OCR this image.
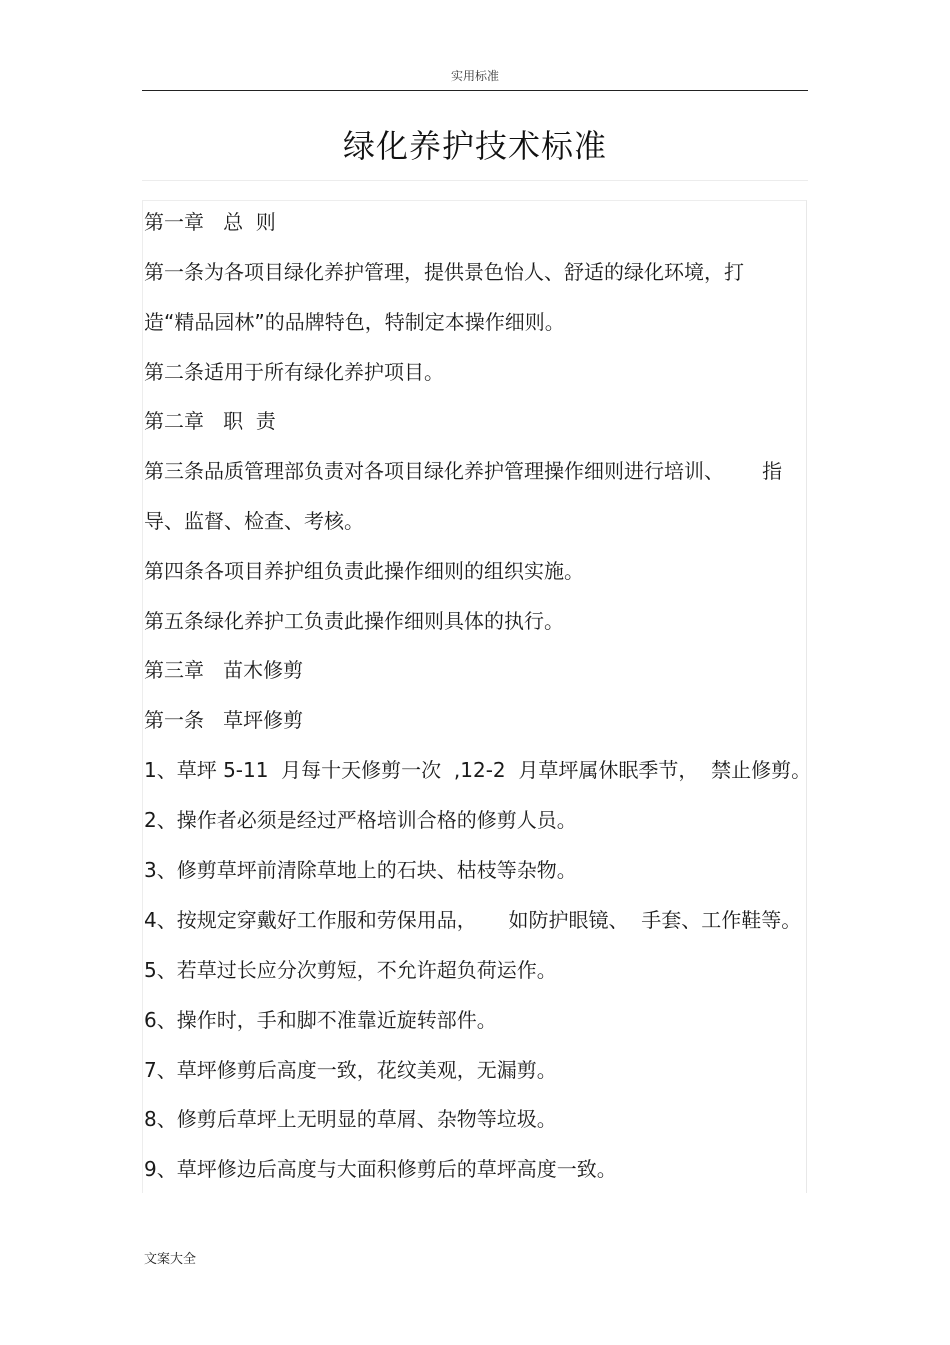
实用标准
绿化养护技术标准
第一章   总  则
第一条为各项目绿化养护管理，提供景色怡人、舒适的绿化环境，打
造“精品园林”的品牌特色，特制定本操作细则。
第二条适用于所有绿化养护项目。
第二章   职  责
第三条品质管理部负责对各项目绿化养护管理操作细则进行培训、      指
导、监督、检查、考核。
第四条各项目养护组负责此操作细则的组织实施。
第五条绿化养护工负责此操作细则具体的执行。
第三章   苗木修剪
第一条   草坪修剪
1、草坪 5-11  月每十天修剪一次  ,12-2  月草坪属休眠季节，  禁止修剪。
2、操作者必须是经过严格培训合格的修剪人员。
3、修剪草坪前清除草地上的石块、枯枝等杂物。
4、按规定穿戴好工作服和劳保用品，     如防护眼镜、  手套、工作鞋等。
5、若草过长应分次剪短，不允许超负荷运作。
6、操作时，手和脚不准靠近旋转部件。
7、草坪修剪后高度一致，花纹美观，无漏剪。
8、修剪后草坪上无明显的草屑、杂物等垃圾。
9、草坪修边后高度与大面积修剪后的草坪高度一致。
文案大全
